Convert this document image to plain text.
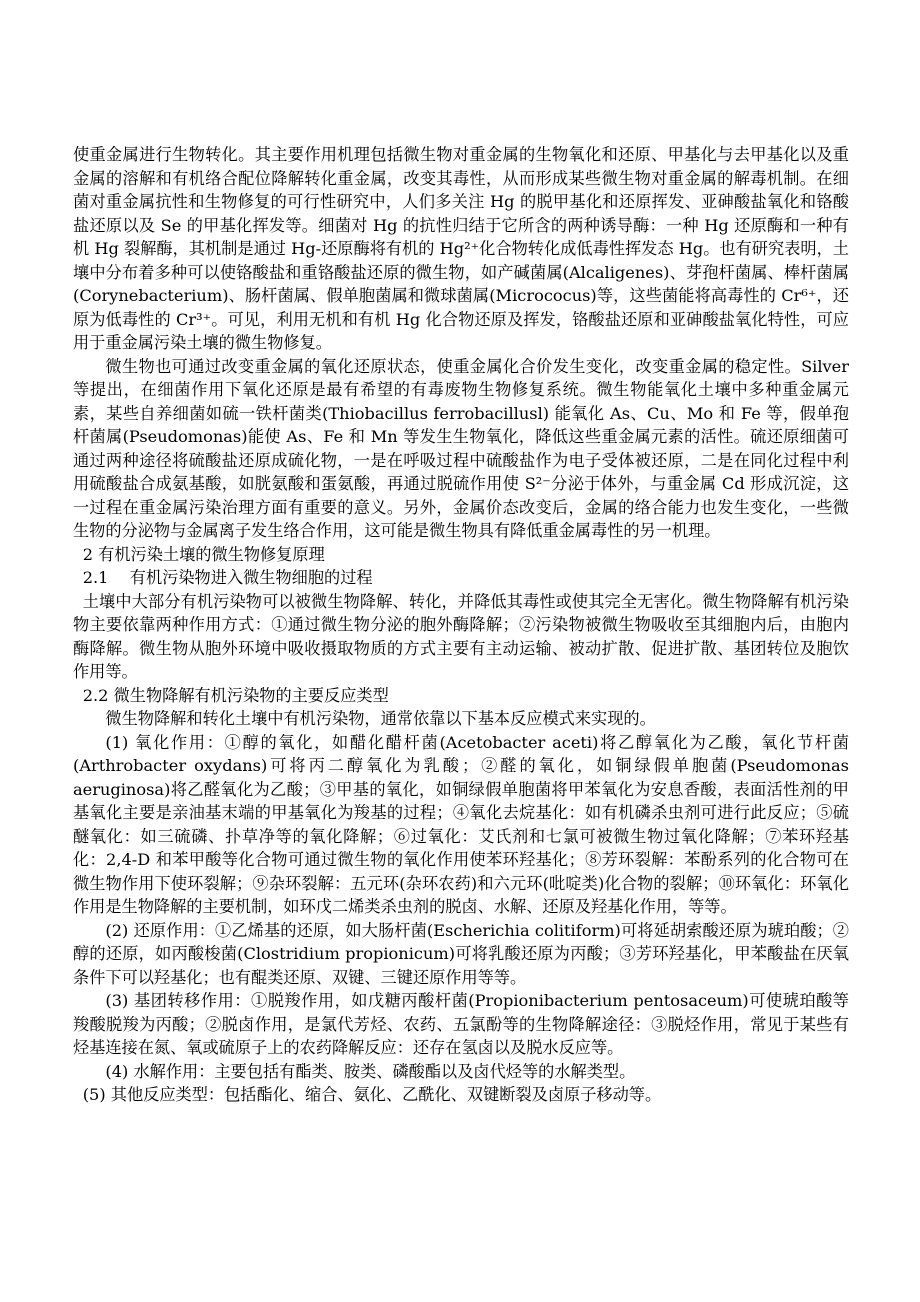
使重金属进行生物转化。其主要作用机理包括微生物对重金属的生物氧化和还原、甲基化与去甲基化以及重金属的溶解和有机络合配位降解转化重金属，改变其毒性，从而形成某些微生物对重金属的解毒机制。在细菌对重金属抗性和生物修复的可行性研究中，人们多关注 Hg 的脱甲基化和还原挥发、亚砷酸盐氧化和铬酸盐还原以及 Se 的甲基化挥发等。细菌对 Hg 的抗性归结于它所含的两种诱导酶：一种 Hg 还原酶和一种有机 Hg 裂解酶，其机制是通过 Hg-还原酶将有机的 Hg²⁺化合物转化成低毒性挥发态 Hg。也有研究表明，土壤中分布着多种可以使铬酸盐和重铬酸盐还原的微生物，如产碱菌属(Alcaligenes)、芽孢杆菌属、棒杆菌属(Corynebacterium)、肠杆菌属、假单胞菌属和微球菌属(Micrococus)等，这些菌能将高毒性的 Cr⁶⁺，还原为低毒性的 Cr³⁺。可见，利用无机和有机 Hg 化合物还原及挥发，铬酸盐还原和亚砷酸盐氧化特性，可应用于重金属污染土壤的微生物修复。

微生物也可通过改变重金属的氧化还原状态，使重金属化合价发生变化，改变重金属的稳定性。Silver 等提出，在细菌作用下氧化还原是最有希望的有毒废物生物修复系统。微生物能氧化土壤中多种重金属元素，某些自养细菌如硫一铁杆菌类(Thiobacillus ferrobacillusl) 能氧化 As、Cu、Mo 和 Fe 等，假单孢杆菌属(Pseudomonas)能使 As、Fe 和 Mn 等发生生物氧化，降低这些重金属元素的活性。硫还原细菌可通过两种途径将硫酸盐还原成硫化物，一是在呼吸过程中硫酸盐作为电子受体被还原，二是在同化过程中利用硫酸盐合成氨基酸，如胱氨酸和蛋氨酸，再通过脱硫作用使 S²⁻分泌于体外，与重金属 Cd 形成沉淀，这一过程在重金属污染治理方面有重要的意义。另外，金属价态改变后，金属的络合能力也发生变化，一些微生物的分泌物与金属离子发生络合作用，这可能是微生物具有降低重金属毒性的另一机理。

2 有机污染土壤的微生物修复原理

2.1　 有机污染物进入微生物细胞的过程

土壤中大部分有机污染物可以被微生物降解、转化，并降低其毒性或使其完全无害化。微生物降解有机污染物主要依靠两种作用方式：①通过微生物分泌的胞外酶降解；②污染物被微生物吸收至其细胞内后，由胞内酶降解。微生物从胞外环境中吸收摄取物质的方式主要有主动运输、被动扩散、促进扩散、基团转位及胞饮作用等。

2.2 微生物降解有机污染物的主要反应类型

微生物降解和转化土壤中有机污染物，通常依靠以下基本反应模式来实现的。

(1) 氧化作用：①醇的氧化，如醋化醋杆菌(Acetobacter aceti)将乙醇氧化为乙酸，氧化节杆菌(Arthrobacter oxydans)可将丙二醇氧化为乳酸；②醛的氧化，如铜绿假单胞菌(Pseudomonas aeruginosa)将乙醛氧化为乙酸；③甲基的氧化，如铜绿假单胞菌将甲苯氧化为安息香酸，表面活性剂的甲基氧化主要是亲油基末端的甲基氧化为羧基的过程；④氧化去烷基化：如有机磷杀虫剂可进行此反应；⑤硫醚氧化：如三硫磷、扑草净等的氧化降解；⑥过氧化：艾氏剂和七氯可被微生物过氧化降解；⑦苯环羟基化：2,4-D 和苯甲酸等化合物可通过微生物的氧化作用使苯环羟基化；⑧芳环裂解：苯酚系列的化合物可在微生物作用下使环裂解；⑨杂环裂解：五元环(杂环农药)和六元环(吡啶类)化合物的裂解；⑩环氧化：环氧化作用是生物降解的主要机制，如环戊二烯类杀虫剂的脱卤、水解、还原及羟基化作用，等等。

(2) 还原作用：①乙烯基的还原，如大肠杆菌(Escherichia colitiform)可将延胡索酸还原为琥珀酸；②醇的还原，如丙酸梭菌(Clostridium propionicum)可将乳酸还原为丙酸；③芳环羟基化，甲苯酸盐在厌氧条件下可以羟基化；也有醌类还原、双键、三键还原作用等等。

(3) 基团转移作用：①脱羧作用，如戊糖丙酸杆菌(Propionibacterium pentosaceum)可使琥珀酸等羧酸脱羧为丙酸；②脱卤作用，是氯代芳烃、农药、五氯酚等的生物降解途径：③脱烃作用，常见于某些有烃基连接在氮、氧或硫原子上的农药降解反应：还存在氢卤以及脱水反应等。

(4) 水解作用：主要包括有酯类、胺类、磷酸酯以及卤代烃等的水解类型。

(5) 其他反应类型：包括酯化、缩合、氨化、乙酰化、双键断裂及卤原子移动等。
